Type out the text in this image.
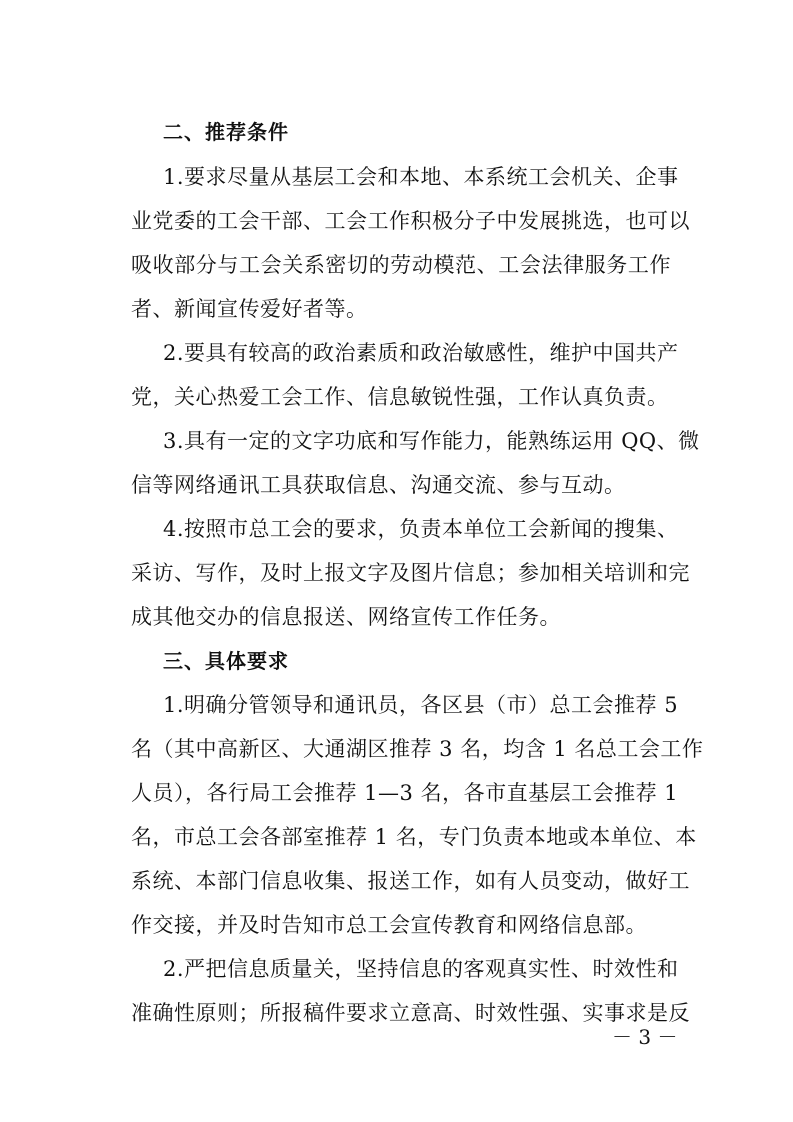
二、推荐条件
1.要求尽量从基层工会和本地、本系统工会机关、企事
业党委的工会干部、工会工作积极分子中发展挑选，也可以
吸收部分与工会关系密切的劳动模范、工会法律服务工作
者、新闻宣传爱好者等。
2.要具有较高的政治素质和政治敏感性，维护中国共产
党，关心热爱工会工作、信息敏锐性强，工作认真负责。
3.具有一定的文字功底和写作能力，能熟练运用 QQ、微
信等网络通讯工具获取信息、沟通交流、参与互动。
4.按照市总工会的要求，负责本单位工会新闻的搜集、
采访、写作，及时上报文字及图片信息；参加相关培训和完
成其他交办的信息报送、网络宣传工作任务。
三、具体要求
1.明确分管领导和通讯员，各区县（市）总工会推荐 5
名（其中高新区、大通湖区推荐 3 名，均含 1 名总工会工作
人员），各行局工会推荐 1—3 名，各市直基层工会推荐 1
名，市总工会各部室推荐 1 名，专门负责本地或本单位、本
系统、本部门信息收集、报送工作，如有人员变动，做好工
作交接，并及时告知市总工会宣传教育和网络信息部。
2.严把信息质量关，坚持信息的客观真实性、时效性和
准确性原则；所报稿件要求立意高、时效性强、实事求是反
－ 3 －
